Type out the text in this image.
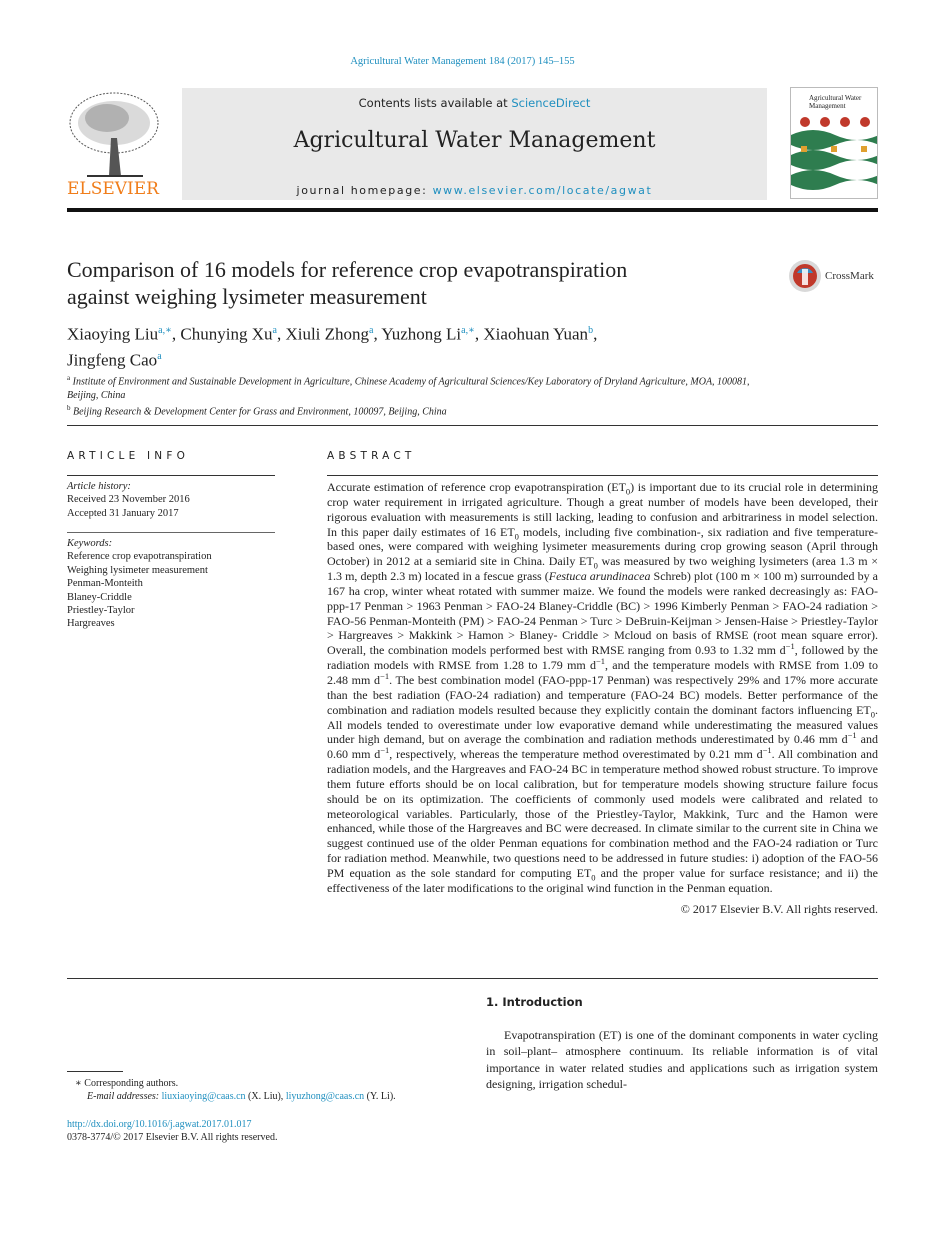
Agricultural Water Management 184 (2017) 145–155
ELSEVIER
Contents lists available at ScienceDirect
Agricultural Water Management
journal homepage: www.elsevier.com/locate/agwat
Agricultural Water Management
Comparison of 16 models for reference crop evapotranspiration
against weighing lysimeter measurement
CrossMark
Xiaoying Liu$^{a,∗}$, Chunying Xu$^a$, Xiuli Zhong$^a$, Yuzhong $Li^{a,∗}$, Xiaohuan Yuan$^b$,
Jingfeng Cao$^a$
$^a$ Institute of Environment and Sustainable Development in Agriculture, Chinese Academy of Agricultural Sciences/Key Laboratory of Dryland Agriculture, MOA, 100081, Beijing, China
$^b$ Beijing Research & Development Center for Grass and Environment, 100097, Beijing, China
ARTICLE INFO	ABSTRACT
Article history:
Received 23 November 2016
Accepted 31 January 2017
Keywords:
Reference crop evapotranspiration
Weighing lysimeter measurement
Penman-Monteith
Blaney-Criddle
Priestley-Taylor
Hargreaves
Accurate estimation of reference crop evapotranspiration $(ET_0)$ is important due to its crucial role in determining crop water requirement in irrigated agriculture. Though a great number of models have been developed, their rigorous evaluation with measurements is still lacking, leading to confusion and arbitrariness in model selection. In this paper daily estimates of 16 $ET_0$ models, including five combination-, six radiation and five temperature-based ones, were compared with weighing lysimeter measurements during crop growing season (April through October) in 2012 at a semiarid site in China. Daily $ET_0$ was measured by two weighing lysimeters (area 1.3 m × 1.3 m, depth 2.3 m) located in a fescue grass (Festuca arundinacea Schreb) plot (100 m × 100 m) surrounded by a 167 ha crop, winter wheat rotated with summer maize. We found the models were ranked decreasingly as: FAO-ppp-17 Penman > 1963 Penman > FAO-24 Blaney-Criddle (BC) > 1996 Kimberly Penman > FAO-24 radiation > FAO-56 Penman-Monteith (PM) > FAO-24 Penman > Turc > DeBruin-Keijman > Jensen-Haise > Priestley-Taylor > Hargreaves > Makkink > Hamon > Blaney- Criddle > Mcloud on basis of RMSE (root mean square error). Overall, the combination models performed best with RMSE ranging from 0.93 to 1.32 mm $d^{-1}$, followed by the radiation models with RMSE from 1.28 to 1.79 mm $d^{-1}$, and the temperature models with RMSE from 1.09 to 2.48 mm $d^{-1}$. The best combination model (FAO-ppp-17 Penman) was respectively 29% and 17% more accurate than the best radiation (FAO-24 radiation) and temperature (FAO-24 BC) models. Better performance of the combination and radiation models resulted because they explicitly contain the dominant factors influencing $ET_0$. All models tended to overestimate under low evaporative demand while underestimating the measured values under high demand, but on average the combination and radiation methods underestimated by 0.46 mm $d^{-1}$ and 0.60 mm $d^{-1}$, respectively, whereas the temperature method overestimated by 0.21 mm $d^{-1}$. All combination and radiation models, and the Hargreaves and FAO-24 BC in temperature method showed robust structure. To improve them future efforts should be on local calibration, but for temperature models showing structure failure focus should be on its optimization. The coefficients of commonly used models were calibrated and related to meteorological variables. Particularly, those of the Priestley-Taylor, Makkink, Turc and the Hamon were enhanced, while those of the Hargreaves and BC were decreased. In climate similar to the current site in China we suggest continued use of the older Penman equations for combination method and the FAO-24 radiation or Turc for radiation method. Meanwhile, two questions need to be addressed in future studies: i) adoption of the FAO-56 PM equation as the sole standard for computing $ET_0$ and the proper value for surface resistance; and ii) the effectiveness of the later modifications to the original wind function in the Penman equation.
© 2017 Elsevier B.V. All rights reserved.
1. Introduction
Evapotranspiration (ET) is one of the dominant components in water cycling in soil–plant– atmosphere continuum. Its reliable information is of vital importance in water related studies and applications such as irrigation system designing, irrigation schedul-
∗ Corresponding authors.
E-mail addresses: liuxiaoying@caas.cn (X. Liu), liyuzhong@caas.cn (Y. Li).
http://dx.doi.org/10.1016/j.agwat.2017.01.017
0378-3774/© 2017 Elsevier B.V. All rights reserved.
